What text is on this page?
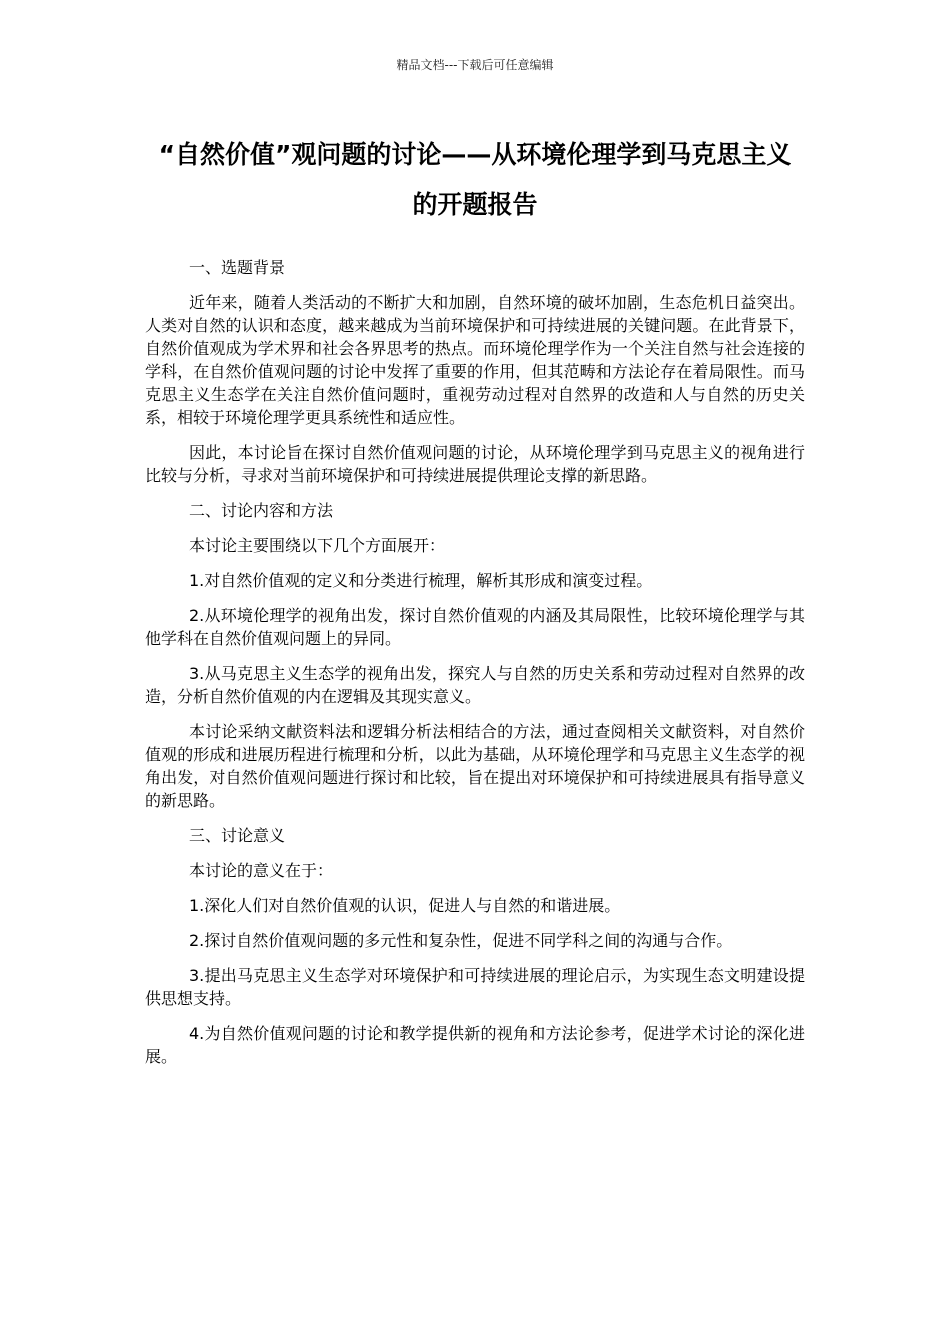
精品文档---下载后可任意编辑
“自然价值”观问题的讨论——从环境伦理学到马克思主义
的开题报告

一、选题背景

近年来，随着人类活动的不断扩大和加剧，自然环境的破坏加剧，生态危机日益突出。人类对自然的认识和态度，越来越成为当前环境保护和可持续进展的关键问题。在此背景下，自然价值观成为学术界和社会各界思考的热点。而环境伦理学作为一个关注自然与社会连接的学科，在自然价值观问题的讨论中发挥了重要的作用，但其范畴和方法论存在着局限性。而马克思主义生态学在关注自然价值问题时，重视劳动过程对自然界的改造和人与自然的历史关系，相较于环境伦理学更具系统性和适应性。

因此，本讨论旨在探讨自然价值观问题的讨论，从环境伦理学到马克思主义的视角进行比较与分析，寻求对当前环境保护和可持续进展提供理论支撑的新思路。

二、讨论内容和方法

本讨论主要围绕以下几个方面展开：

1.对自然价值观的定义和分类进行梳理，解析其形成和演变过程。

2.从环境伦理学的视角出发，探讨自然价值观的内涵及其局限性，比较环境伦理学与其他学科在自然价值观问题上的异同。

3.从马克思主义生态学的视角出发，探究人与自然的历史关系和劳动过程对自然界的改造，分析自然价值观的内在逻辑及其现实意义。

本讨论采纳文献资料法和逻辑分析法相结合的方法，通过查阅相关文献资料，对自然价值观的形成和进展历程进行梳理和分析，以此为基础，从环境伦理学和马克思主义生态学的视角出发，对自然价值观问题进行探讨和比较，旨在提出对环境保护和可持续进展具有指导意义的新思路。

三、讨论意义

本讨论的意义在于：

1.深化人们对自然价值观的认识，促进人与自然的和谐进展。

2.探讨自然价值观问题的多元性和复杂性，促进不同学科之间的沟通与合作。

3.提出马克思主义生态学对环境保护和可持续进展的理论启示，为实现生态文明建设提供思想支持。

4.为自然价值观问题的讨论和教学提供新的视角和方法论参考，促进学术讨论的深化进展。
